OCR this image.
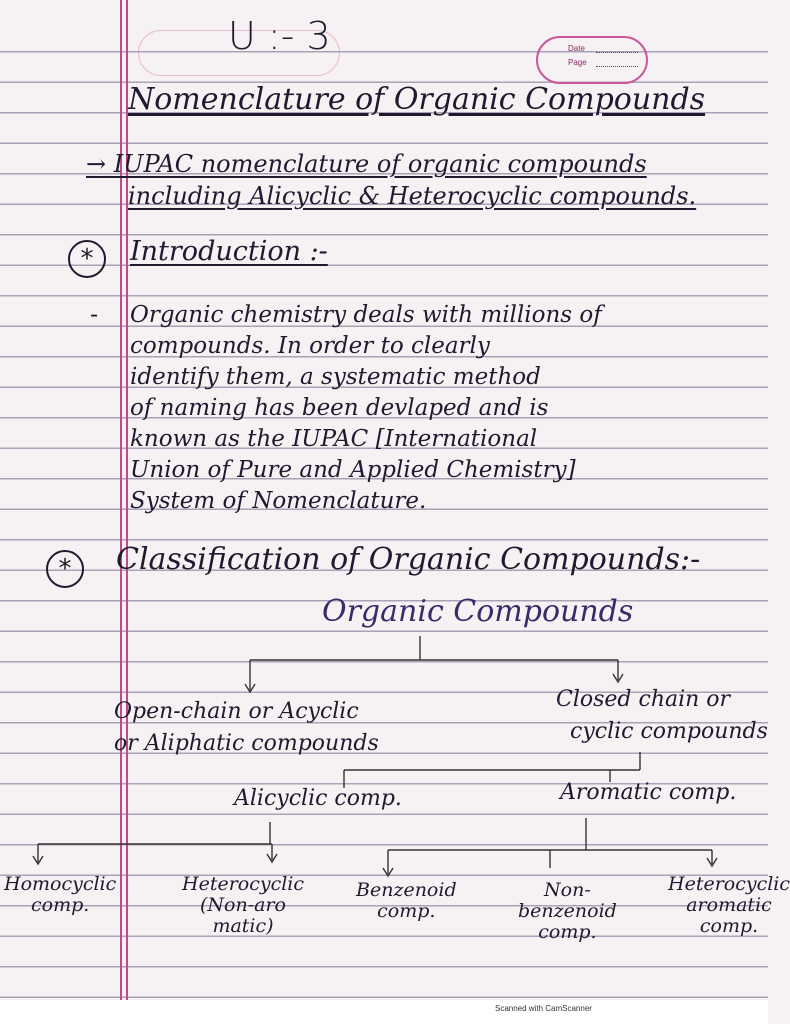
U :- 3	Date
Page
Nomenclature of Organic Compounds
→ IUPAC nomenclature of organic compounds
including Alicyclic & Heterocyclic compounds.
*	Introduction :-
- Organic chemistry deals with millions of
compounds. In order to clearly
identify them, a systematic method
of naming has been devlaped and is
known as the IUPAC [International
Union of Pure and Applied Chemistry]
System of Nomenclature.
*	Classification of Organic Compounds:-
Organic Compounds
Open-chain or Acyclic
or Aliphatic compounds
Closed chain or
cyclic compounds
Alicyclic comp.	Aromatic comp.
Homocyclic
comp.
Heterocyclic
(Non-aro
matic)
Benzenoid
comp.
Non-
benzenoid
comp.
Heterocyclic
aromatic
comp.
Scanned with CamScanner
